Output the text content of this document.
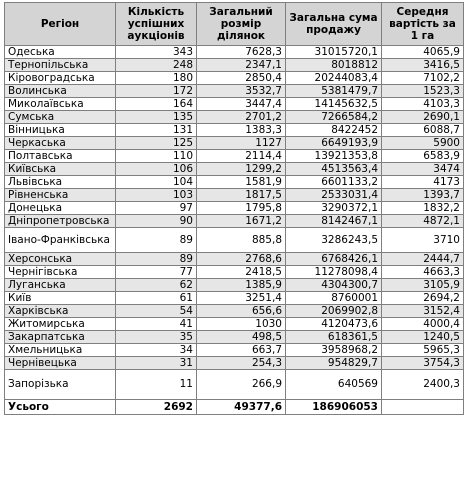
Регіон	Кількість успішних аукціонів	Загальний розмір ділянок	Загальна сума продажу	Середня вартість за 1 га
Одеська	343	7628,3	31015720,1	4065,9
Тернопільська	248	2347,1	8018812	3416,5
Кіровоградська	180	2850,4	20244083,4	7102,2
Волинська	172	3532,7	5381479,7	1523,3
Миколаївська	164	3447,4	14145632,5	4103,3
Сумська	135	2701,2	7266584,2	2690,1
Вінницька	131	1383,3	8422452	6088,7
Черкаська	125	1127	6649193,9	5900
Полтавська	110	2114,4	13921353,8	6583,9
Київська	106	1299,2	4513563,4	3474
Львівська	104	1581,9	6601133,2	4173
Рівненська	103	1817,5	2533031,4	1393,7
Донецька	97	1795,8	3290372,1	1832,2
Дніпропетровська	90	1671,2	8142467,1	4872,1
Івано-Франківська	89	885,8	3286243,5	3710
Херсонська	89	2768,6	6768426,1	2444,7
Чернігівська	77	2418,5	11278098,4	4663,3
Луганська	62	1385,9	4304300,7	3105,9
Київ	61	3251,4	8760001	2694,2
Харківська	54	656,6	2069902,8	3152,4
Житомирська	41	1030	4120473,6	4000,4
Закарпатська	35	498,5	618361,5	1240,5
Хмельницька	34	663,7	3958968,2	5965,3
Чернівецька	31	254,3	954829,7	3754,3
Запорізька	11	266,9	640569	2400,3
Усього	2692	49377,6	186906053	
